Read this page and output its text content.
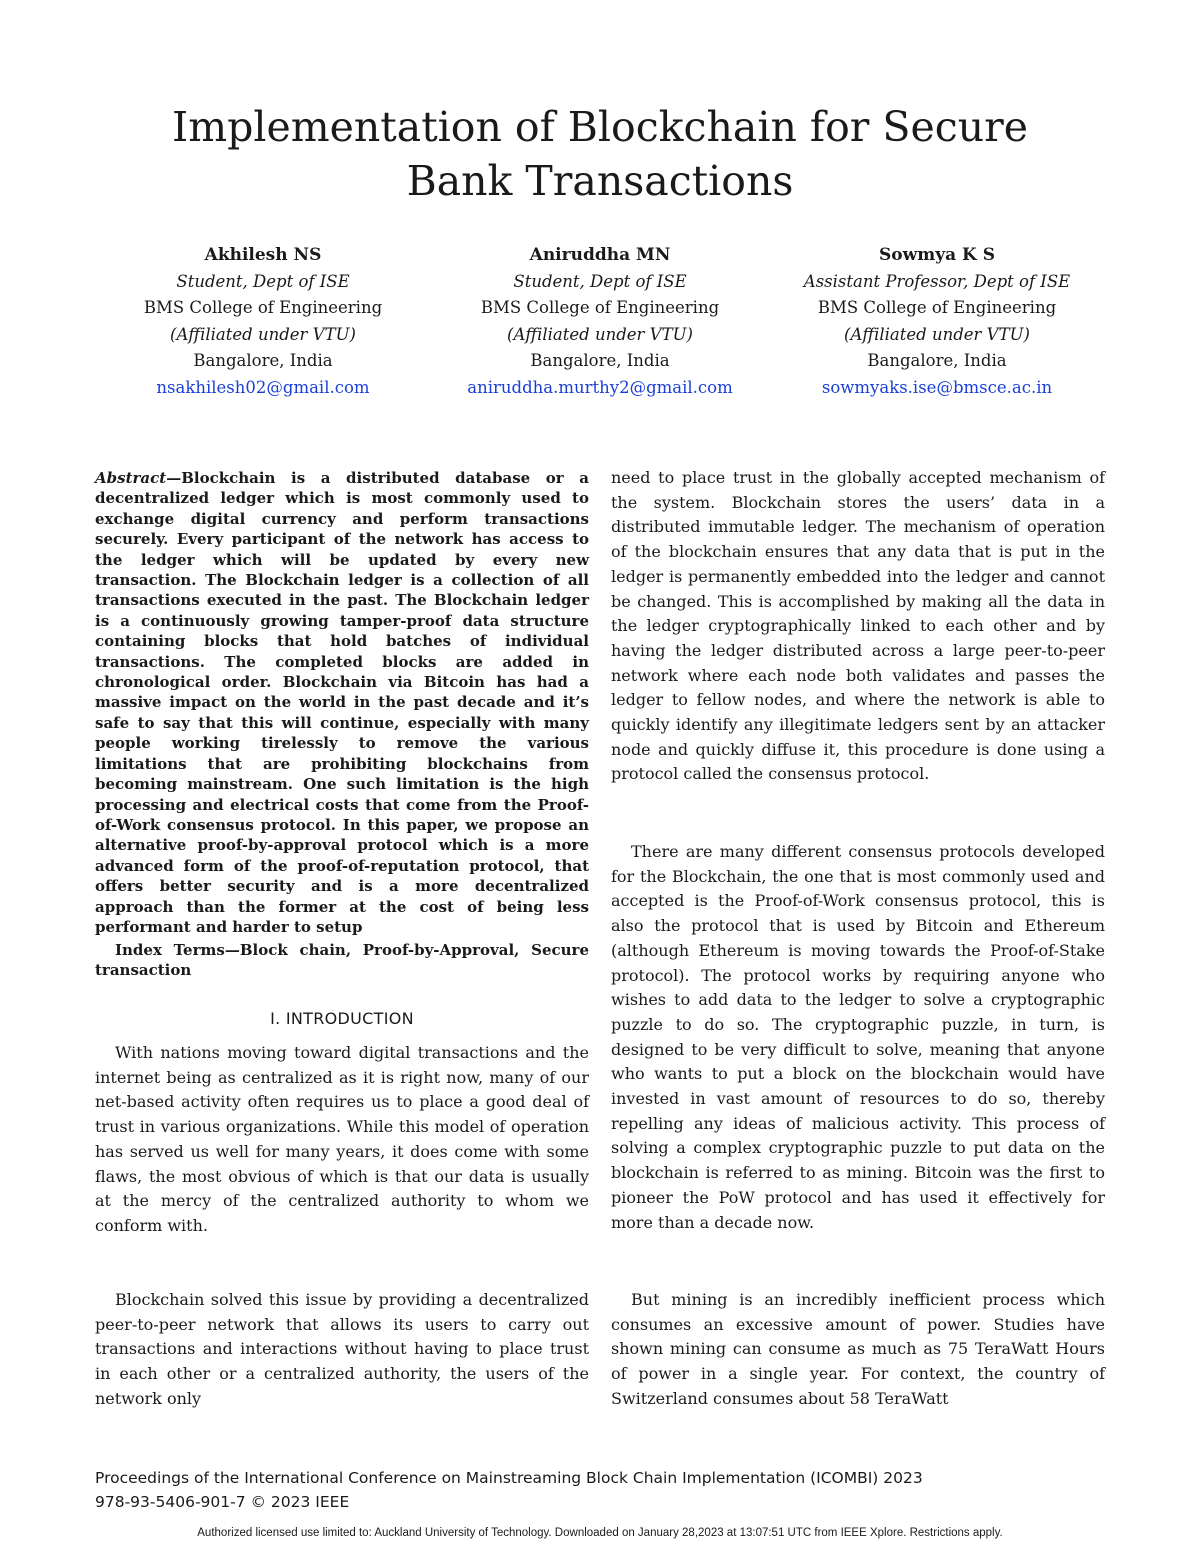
Implementation of Blockchain for Secure Bank Transactions
Akhilesh NS
Student, Dept of ISE
BMS College of Engineering
(Affiliated under VTU)
Bangalore, India
nsakhilesh02@gmail.com
Aniruddha MN
Student, Dept of ISE
BMS College of Engineering
(Affiliated under VTU)
Bangalore, India
aniruddha.murthy2@gmail.com
Sowmya K S
Assistant Professor, Dept of ISE
BMS College of Engineering
(Affiliated under VTU)
Bangalore, India
sowmyaks.ise@bmsce.ac.in
Abstract—Blockchain is a distributed database or a decentralized ledger which is most commonly used to exchange digital currency and perform transactions securely. Every participant of the network has access to the ledger which will be updated by every new transaction. The Blockchain ledger is a collection of all transactions executed in the past. The Blockchain ledger is a continuously growing tamper-proof data structure containing blocks that hold batches of individual transactions. The completed blocks are added in chronological order. Blockchain via Bitcoin has had a massive impact on the world in the past decade and it’s safe to say that this will continue, especially with many people working tirelessly to remove the various limitations that are prohibiting blockchains from becoming mainstream. One such limitation is the high processing and electrical costs that come from the Proof-of-Work consensus protocol. In this paper, we propose an alternative proof-by-approval protocol which is a more advanced form of the proof-of-reputation protocol, that offers better security and is a more decentralized approach than the former at the cost of being less performant and harder to setup
Index Terms—Block chain, Proof-by-Approval, Secure transaction
I. INTRODUCTION

With nations moving toward digital transactions and the internet being as centralized as it is right now, many of our net-based activity often requires us to place a good deal of trust in various organizations. While this model of operation has served us well for many years, it does come with some flaws, the most obvious of which is that our data is usually at the mercy of the centralized authority to whom we conform with.

Blockchain solved this issue by providing a decentralized peer-to-peer network that allows its users to carry out transactions and interactions without having to place trust in each other or a centralized authority, the users of the network only

need to place trust in the globally accepted mechanism of the system. Blockchain stores the users’ data in a distributed immutable ledger. The mechanism of operation of the blockchain ensures that any data that is put in the ledger is permanently embedded into the ledger and cannot be changed. This is accomplished by making all the data in the ledger cryptographically linked to each other and by having the ledger distributed across a large peer-to-peer network where each node both validates and passes the ledger to fellow nodes, and where the network is able to quickly identify any illegitimate ledgers sent by an attacker node and quickly diffuse it, this procedure is done using a protocol called the consensus protocol.

There are many different consensus protocols developed for the Blockchain, the one that is most commonly used and accepted is the Proof-of-Work consensus protocol, this is also the protocol that is used by Bitcoin and Ethereum (although Ethereum is moving towards the Proof-of-Stake protocol). The protocol works by requiring anyone who wishes to add data to the ledger to solve a cryptographic puzzle to do so. The cryptographic puzzle, in turn, is designed to be very difficult to solve, meaning that anyone who wants to put a block on the blockchain would have invested in vast amount of resources to do so, thereby repelling any ideas of malicious activity. This process of solving a complex cryptographic puzzle to put data on the blockchain is referred to as mining. Bitcoin was the first to pioneer the PoW protocol and has used it effectively for more than a decade now.

But mining is an incredibly inefficient process which consumes an excessive amount of power. Studies have shown mining can consume as much as 75 TeraWatt Hours of power in a single year. For context, the country of Switzerland consumes about 58 TeraWatt

Proceedings of the International Conference on Mainstreaming Block Chain Implementation (ICOMBI) 2023
978-93-5406-901-7 © 2023 IEEE
Authorized licensed use limited to: Auckland University of Technology. Downloaded on January 28,2023 at 13:07:51 UTC from IEEE Xplore. Restrictions apply.
